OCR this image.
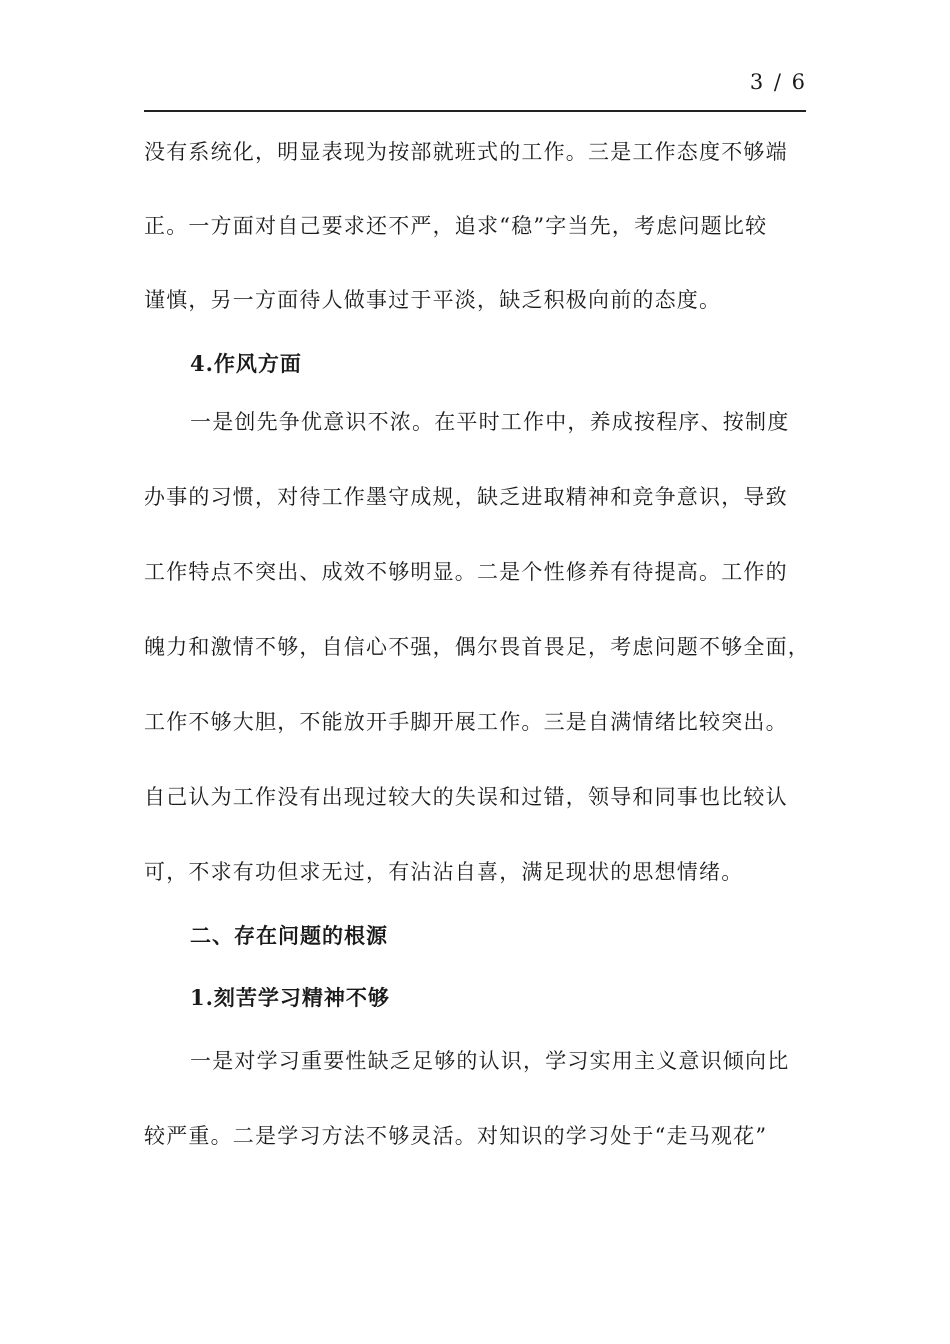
3 / 6
没有系统化，明显表现为按部就班式的工作。三是工作态度不够端
正。一方面对自己要求还不严，追求“稳”字当先，考虑问题比较
谨慎，另一方面待人做事过于平淡，缺乏积极向前的态度。
4.作风方面
一是创先争优意识不浓。在平时工作中，养成按程序、按制度
办事的习惯，对待工作墨守成规，缺乏进取精神和竞争意识，导致
工作特点不突出、成效不够明显。二是个性修养有待提高。工作的
魄力和激情不够，自信心不强，偶尔畏首畏足，考虑问题不够全面，
工作不够大胆，不能放开手脚开展工作。三是自满情绪比较突出。
自己认为工作没有出现过较大的失误和过错，领导和同事也比较认
可，不求有功但求无过，有沾沾自喜，满足现状的思想情绪。
二、存在问题的根源
1.刻苦学习精神不够
一是对学习重要性缺乏足够的认识，学习实用主义意识倾向比
较严重。二是学习方法不够灵活。对知识的学习处于“走马观花”
